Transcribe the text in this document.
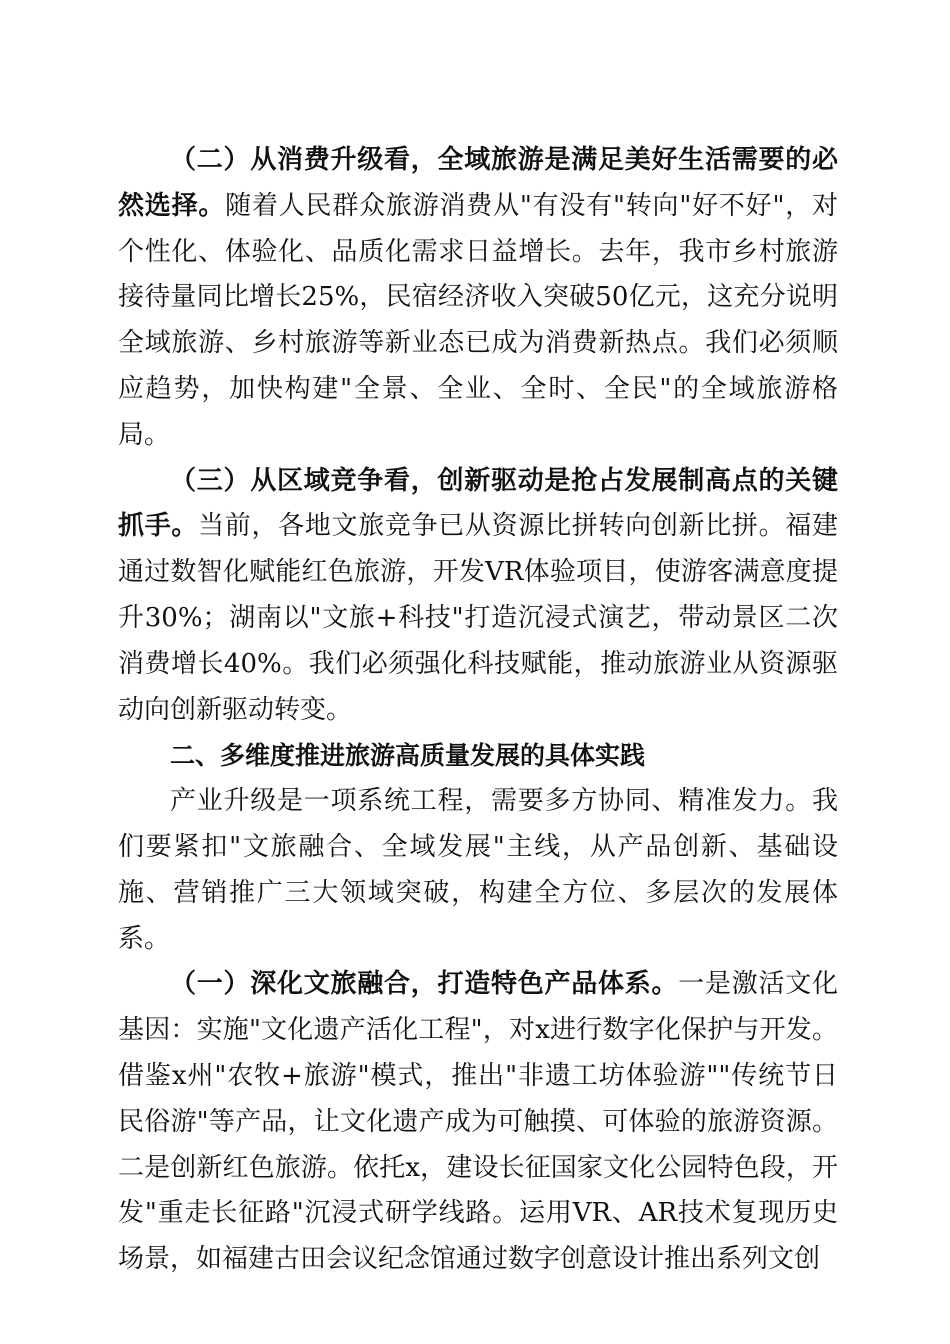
（二）从消费升级看，全域旅游是满足美好生活需要的必然选择。随着人民群众旅游消费从"有没有"转向"好不好"，对个性化、体验化、品质化需求日益增长。去年，我市乡村旅游接待量同比增长25%，民宿经济收入突破50亿元，这充分说明全域旅游、乡村旅游等新业态已成为消费新热点。我们必须顺应趋势，加快构建"全景、全业、全时、全民"的全域旅游格局。

（三）从区域竞争看，创新驱动是抢占发展制高点的关键抓手。当前，各地文旅竞争已从资源比拼转向创新比拼。福建通过数智化赋能红色旅游，开发VR体验项目，使游客满意度提升30%；湖南以"文旅+科技"打造沉浸式演艺，带动景区二次消费增长40%。我们必须强化科技赋能，推动旅游业从资源驱动向创新驱动转变。

二、多维度推进旅游高质量发展的具体实践

产业升级是一项系统工程，需要多方协同、精准发力。我们要紧扣"文旅融合、全域发展"主线，从产品创新、基础设施、营销推广三大领域突破，构建全方位、多层次的发展体系。

（一）深化文旅融合，打造特色产品体系。一是激活文化基因：实施"文化遗产活化工程"，对x进行数字化保护与开发。借鉴x州"农牧+旅游"模式，推出"非遗工坊体验游""传统节日民俗游"等产品，让文化遗产成为可触摸、可体验的旅游资源。二是创新红色旅游。依托x，建设长征国家文化公园特色段，开发"重走长征路"沉浸式研学线路。运用VR、AR技术复现历史场景，如福建古田会议纪念馆通过数字创意设计推出系列文创
